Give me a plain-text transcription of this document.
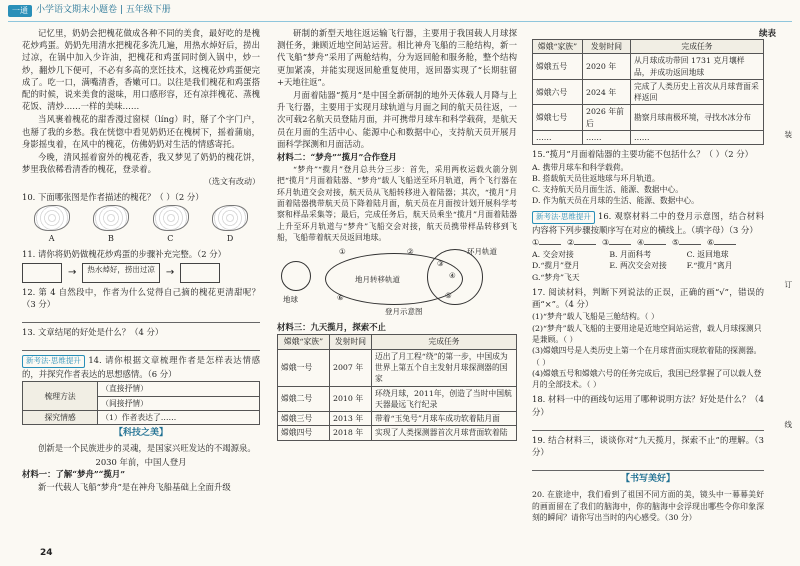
一通 小学语文期末小题卷 | 五年级下册

记忆里，奶奶会把槐花做成各种不同的美食，最好吃的是槐花炒鸡蛋。奶奶先用清水把槐花多洗几遍，用热水焯好后，捞出过凉，在锅中加入少许油，把槐花和鸡蛋同时倒入锅中，炒一炒，翻炒几下便可，不必有多高的烹饪技术，这槐花炒鸡蛋便完成了。吃一口，满嘴清香，香嫩可口。以往是我们槐花和鸡蛋搭配的时候，说来美食的滋味，用口感形容，还有凉拌槐花、蒸槐花饭、清炒……一样的美味……

当风裹着槐花的甜香漫过窗棂（líng）时，掰了个字门户，也掰了我的乡愁。我在恍惚中看见奶奶还在槐树下，摇着蒲扇，身影摇曳着，在风中的槐花，仿佛奶奶对生活的情感寄托。

今晚，清风摇着窗外的槐花香，我又梦见了奶奶的槐花饼，梦里我依稀看清香的槐花，登录着。

（选文有改动）

10. 下面哪张图是作者描述的槐花？（ ）（2 分）

A	B	C	D

11. 请你将奶奶做槐花炒鸡蛋的步骤补充完整。（2 分）

→	热水焯好，捞出过凉	→

12. 第 4 自然段中，作者为什么觉得自己摘的槐花更清甜呢？（3 分）

13. 文章结尾的好处是什么？（4 分）

新考法·思维提升 14. 请你根据文章梳理作者是怎样表达情感的，并探究作者表达的思想感情。（6 分）

梳理方法	（直接抒情）
	（间接抒情）
探究情感	（1）作者表达了……
【科技之美】

创新是一个民族进步的灵魂，是国家兴旺发达的不竭源泉。

2030 年前，中国人登月

材料一：了解“梦舟”“揽月”

新一代载人飞船“梦舟”是在神舟飞船基础上全面升级

研制的新型天地往返运输飞行器，主要用于我国载人月球探测任务，兼顾近地空间站运营。相比神舟飞船的三舱结构，新一代飞船“梦舟”采用了两舱结构，分为返回舱和服务舱，整个结构更加紧凑，并能实现返回舱重复使用，返回器实现了“长期驻留+天地往返”。

月面着陆器“揽月”是中国全新研制的地外天体载人月降与上升飞行器，主要用于实现月球轨道与月面之间的航天员往返，一次可载2名航天员登陆月面，并可携带月球车和科学载荷，是航天员在月面的生活中心、能源中心和数据中心，支持航天员开展月面科学探测和月面活动。

材料二：“梦舟”“揽月”合作登月

“梦舟”“揽月”登月总共分三步：首先，采用两枚运载火箭分别把“揽月”月面着陆器、“梦舟”载人飞船送至环月轨道，两个飞行器在环月轨道交会对接，航天员从飞船转移进入着陆器；其次，“揽月”月面着陆器携带航天员下降着陆月面，航天员在月面按计划开展科学考察和样品采集等；最后，完成任务后，航天员乘坐“揽月”月面着陆器上升至环月轨道与“梦舟”飞船交会对接，航天员携带样品转移到飞船，飞船带着航天员返回地球。

地球
地月转移轨道
环月轨道
登月示意图
①	②
③
④
⑤
⑥

材料三：九天揽月，探索不止

嫦娥“家族”	发射时间	完成任务
嫦娥一号	2007 年	迈出了月工程“绕”的第一步，中国成为世界上第五个自主发射月球探测器的国家
嫦娥二号	2010 年	环绕月球，2011年，创造了当时中国航天器最远飞行纪录
嫦娥三号	2013 年	带着“玉兔号”月球车成功软着陆月面
嫦娥四号	2018 年	实现了人类探测器首次月球背面软着陆
续表
嫦娥“家族”	发射时间	完成任务
嫦娥五号	2020 年	从月球成功带回 1731 克月壤样品，并成功返回地球
嫦娥六号	2024 年	完成了人类历史上首次从月球背面采样返回
嫦娥七号	2026 年前后	勘察月球南极环境，寻找水冰分布
……	……	……

15.“揽月”月面着陆器的主要功能不包括什么？（ ）（2 分）

A. 携带月球车和科学载荷。
B. 搭载航天员往返地球与环月轨道。
C. 支持航天员月面生活、能源、数据中心。
D. 作为航天员在月球的生活、能源、数据中心。

新考法·思维提升 16. 观察材料二中的登月示意图，结合材料内容将下列步骤按顺序写在对应的横线上。（填字母）（3 分）

①	②	③	④	⑤	⑥
A. 交会对接	B. 月面科考	C. 返回地球
D.“揽月”登月	E. 两次交会对接	F.“揽月”离月
G.“梦舟”飞天

17. 阅读材料，判断下列说法的正误，正确的画“√”，错误的画“×”。（4 分）

(1)“梦舟”载人飞船是三舱结构。（ ）
(2)“梦舟”载人飞船的主要用途是近地空间站运营，载人月球探测只是兼顾。（ ）
(3)嫦娥四号是人类历史上第一个在月球背面实现软着陆的探测器。（ ）
(4)嫦娥五号和嫦娥六号的任务完成后，我国已经掌握了可以载人登月的全部技术。（ ）

18. 材料一中的画线句运用了哪种说明方法？好处是什么？（4 分）

19. 结合材料三，谈谈你对“九天揽月，探索不止”的理解。（3 分）

【书写美好】

20. 在旅途中，我们看到了祖国不同方面的美，镜头中一幕幕美好的画面留在了我们的脑海中，你的脑海中会浮现出哪些令你印象深刻的瞬间？请你写出当时的内心感受。（30 分）

装
订
线
24
